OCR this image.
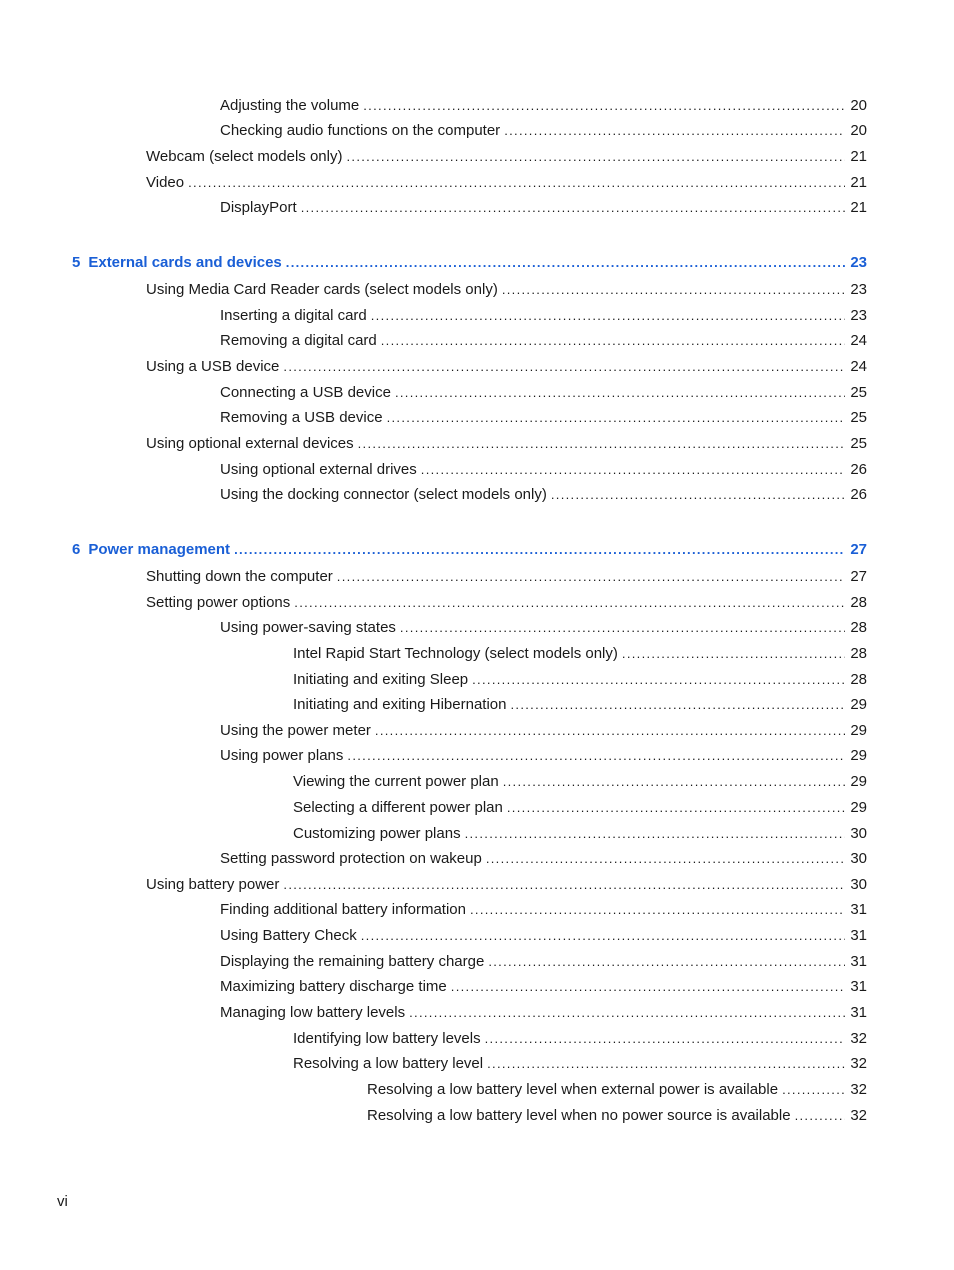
Adjusting the volume . . .	20
Checking audio functions on the computer . . .	20
Webcam (select models only) . . .	21
Video . . .	21
DisplayPort . . .	21
5 External cards and devices . . .	23
Using Media Card Reader cards (select models only) . . .	23
Inserting a digital card . . .	23
Removing a digital card . . .	24
Using a USB device . . .	24
Connecting a USB device . . .	25
Removing a USB device . . .	25
Using optional external devices . . .	25
Using optional external drives . . .	26
Using the docking connector (select models only) . . .	26
6 Power management . . .	27
Shutting down the computer . . .	27
Setting power options . . .	28
Using power-saving states . . .	28
Intel Rapid Start Technology (select models only) . . .	28
Initiating and exiting Sleep . . .	28
Initiating and exiting Hibernation . . .	29
Using the power meter . . .	29
Using power plans . . .	29
Viewing the current power plan . . .	29
Selecting a different power plan . . .	29
Customizing power plans . . .	30
Setting password protection on wakeup . . .	30
Using battery power . . .	30
Finding additional battery information . . .	31
Using Battery Check . . .	31
Displaying the remaining battery charge . . .	31
Maximizing battery discharge time . . .	31
Managing low battery levels . . .	31
Identifying low battery levels . . .	32
Resolving a low battery level . . .	32
Resolving a low battery level when external power is available . . .	32
Resolving a low battery level when no power source is available . . .	32
vi
